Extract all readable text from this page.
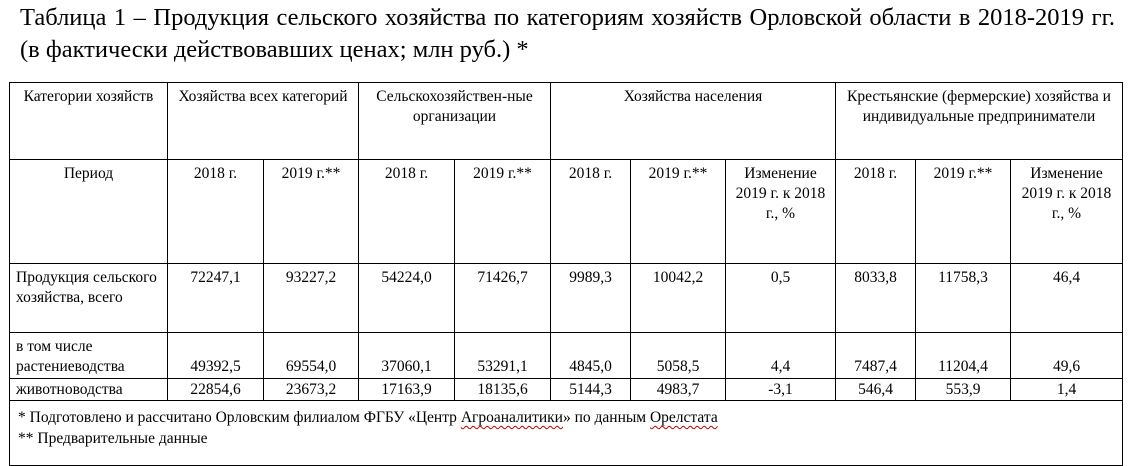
Таблица 1 – Продукция сельского хозяйства по категориям хозяйств Орловской области в 2018-2019 гг. (в фактически действовавших ценах; млн руб.) *
Категории хозяйств	Хозяйства всех категорий		Сельскохозяйствен-ные организации		Хозяйства населения			Крестьянские (фермерские) хозяйства и индивидуальные предприниматели		
Период	2018 г.	2019 г.**	2018 г.	2019 г.**	2018 г.	2019 г.**	Изменение 2019 г. к 2018 г., %	2018 г.	2019 г.**	Изменение 2019 г. к 2018 г., %
Продукция сельского хозяйства, всего	72247,1	93227,2	54224,0	71426,7	9989,3	10042,2	0,5	8033,8	11758,3	46,4

в том числе
растениеводства	49392,5	69554,0	37060,1	53291,1	4845,0	5058,5	4,4	7487,4	11204,4	49,6
животноводства	22854,6	23673,2	17163,9	18135,6	5144,3	4983,7	-3,1	546,4	553,9	1,4

* Подготовлено и рассчитано Орловским филиалом ФГБУ «Центр Агроаналитики» по данным Орелстата
** Предварительные данные										
